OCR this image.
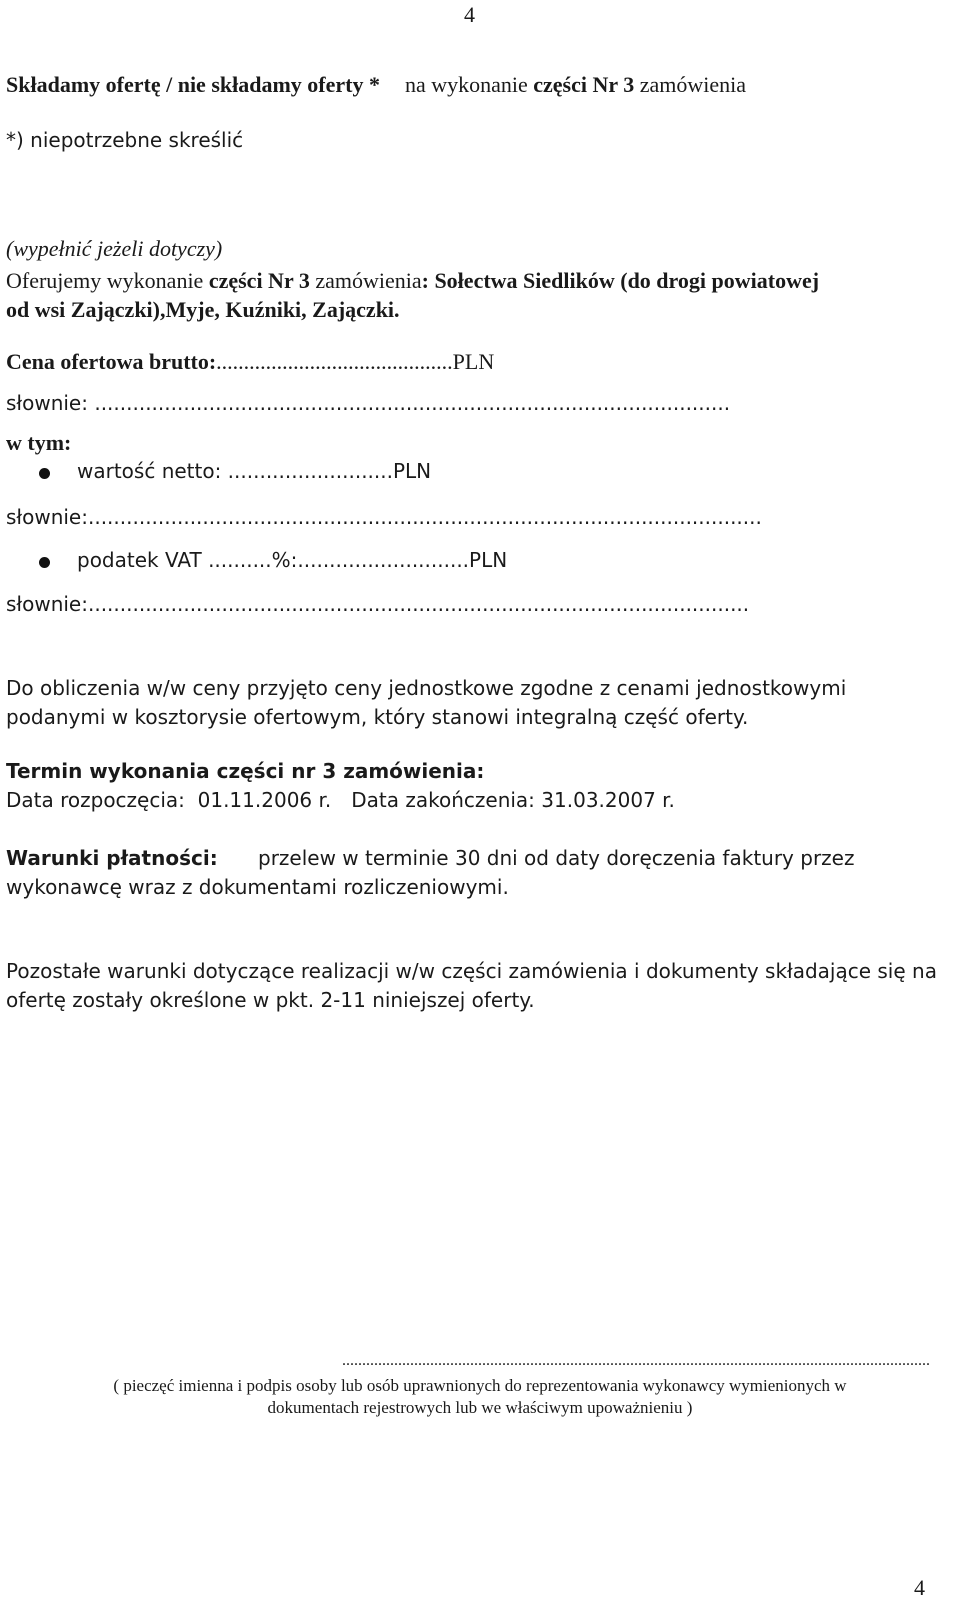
4
Składamy ofertę / nie składamy oferty * na wykonanie części Nr 3 zamówienia
*) niepotrzebne skreślić
(wypełnić jeżeli dotyczy)
Oferujemy wykonanie części Nr 3 zamówienia: Sołectwa Siedlików (do drogi powiatowej
od wsi Zajączki),Myje, Kuźniki, Zajączki.
Cena ofertowa brutto:...........................................PLN
słownie: ....................................................................................................
w tym:
wartość netto: ..........................PLN
słownie:..........................................................................................................
podatek VAT ..........%:...........................PLN
słownie:........................................................................................................
Do obliczenia w/w ceny przyjęto ceny jednostkowe zgodne z cenami jednostkowymi
podanymi w kosztorysie ofertowym, który stanowi integralną część oferty.
Termin wykonania części nr 3 zamówienia:
Data rozpoczęcia: 01.11.2006 r. Data zakończenia: 31.03.2007 r.
Warunki płatności: przelew w terminie 30 dni od daty doręczenia faktury przez
wykonawcę wraz z dokumentami rozliczeniowymi.
Pozostałe warunki dotyczące realizacji w/w części zamówienia i dokumenty składające się na
ofertę zostały określone w pkt. 2-11 niniejszej oferty.
...................................................................................................................................................
( pieczęć imienna i podpis osoby lub osób uprawnionych do reprezentowania wykonawcy wymienionych w
dokumentach rejestrowych lub we właściwym upoważnieniu )
4
